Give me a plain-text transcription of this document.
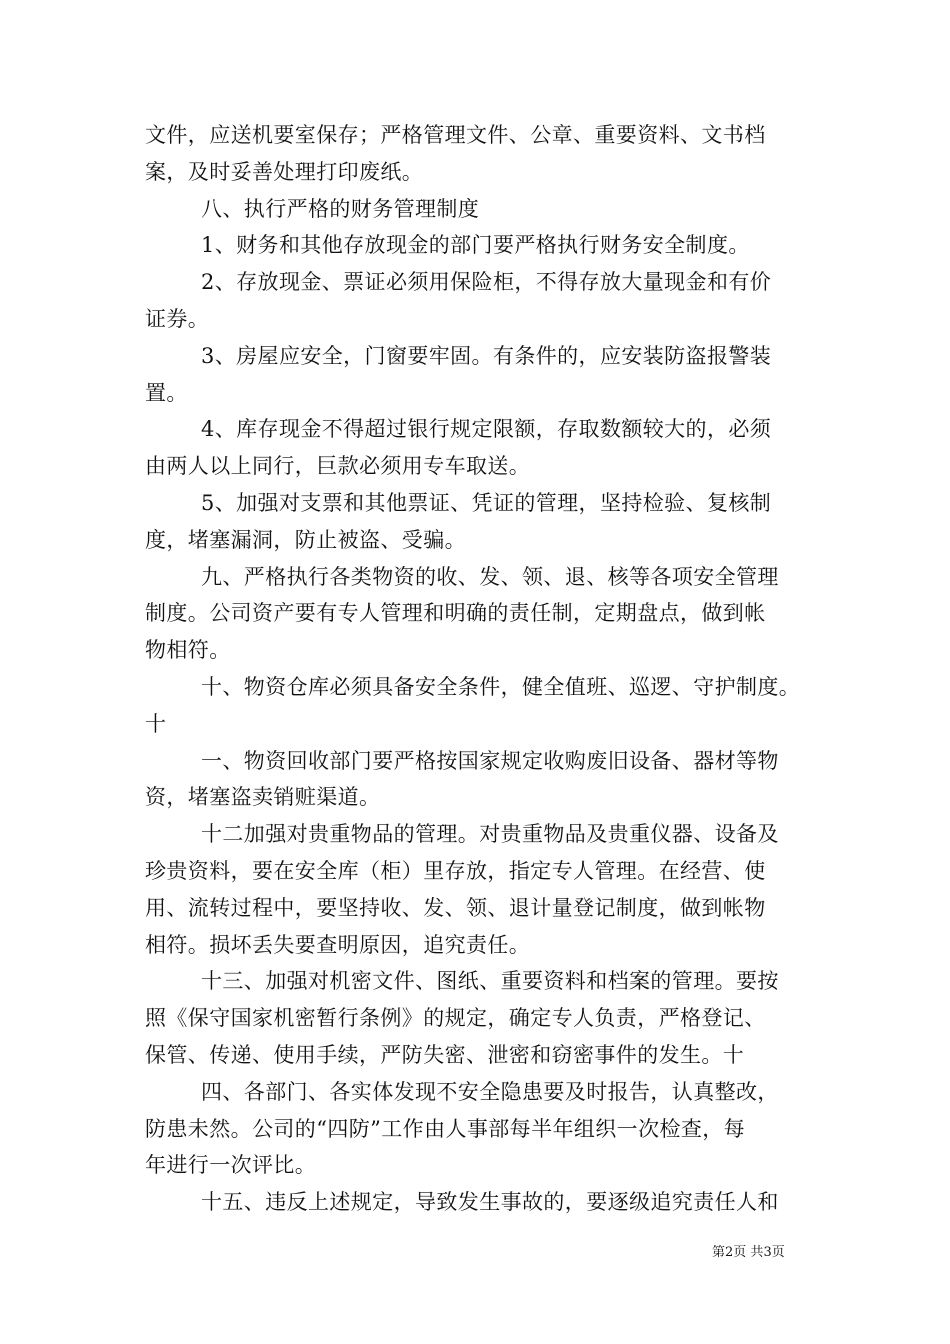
文件，应送机要室保存；严格管理文件、公章、重要资料、文书档
案，及时妥善处理打印废纸。
八、执行严格的财务管理制度
1、财务和其他存放现金的部门要严格执行财务安全制度。
2、存放现金、票证必须用保险柜，不得存放大量现金和有价
证券。
3、房屋应安全，门窗要牢固。有条件的，应安装防盗报警装
置。
4、库存现金不得超过银行规定限额，存取数额较大的，必须
由两人以上同行，巨款必须用专车取送。
5、加强对支票和其他票证、凭证的管理，坚持检验、复核制
度，堵塞漏洞，防止被盗、受骗。
九、严格执行各类物资的收、发、领、退、核等各项安全管理
制度。公司资产要有专人管理和明确的责任制，定期盘点，做到帐
物相符。
十、物资仓库必须具备安全条件，健全值班、巡逻、守护制度。
十
一、物资回收部门要严格按国家规定收购废旧设备、器材等物
资，堵塞盗卖销赃渠道。
十二加强对贵重物品的管理。对贵重物品及贵重仪器、设备及
珍贵资料，要在安全库（柜）里存放，指定专人管理。在经营、使
用、流转过程中，要坚持收、发、领、退计量登记制度，做到帐物
相符。损坏丢失要查明原因，追究责任。
十三、加强对机密文件、图纸、重要资料和档案的管理。要按
照《保守国家机密暂行条例》的规定，确定专人负责，严格登记、
保管、传递、使用手续，严防失密、泄密和窃密事件的发生。十
四、各部门、各实体发现不安全隐患要及时报告，认真整改，
防患未然。公司的“四防”工作由人事部每半年组织一次检查，每
年进行一次评比。
十五、违反上述规定，导致发生事故的，要逐级追究责任人和
第2页 共3页
